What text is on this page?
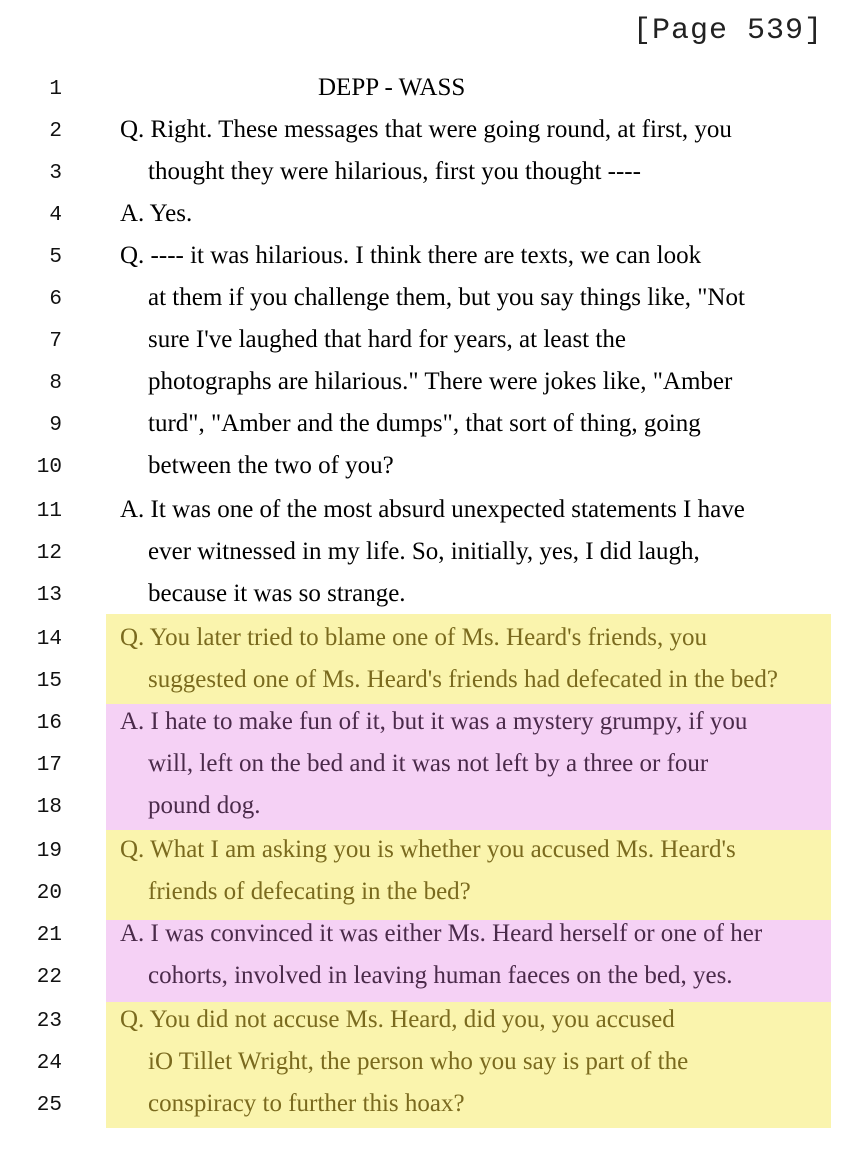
[Page 539]
1	DEPP - WASS
2 Q. Right. These messages that were going round, at first, you
3	thought they were hilarious, first you thought ----
4 A. Yes.
5 Q. ---- it was hilarious. I think there are texts, we can look
6	at them if you challenge them, but you say things like, "Not
7	sure I've laughed that hard for years, at least the
8	photographs are hilarious." There were jokes like, "Amber
9	turd", "Amber and the dumps", that sort of thing, going
10	between the two of you?
11 A. It was one of the most absurd unexpected statements I have
12	ever witnessed in my life. So, initially, yes, I did laugh,
13	because it was so strange.
14 Q. You later tried to blame one of Ms. Heard's friends, you
15	suggested one of Ms. Heard's friends had defecated in the bed?
16 A. I hate to make fun of it, but it was a mystery grumpy, if you
17	will, left on the bed and it was not left by a three or four
18	pound dog.
19 Q. What I am asking you is whether you accused Ms. Heard's
20	friends of defecating in the bed?
21 A. I was convinced it was either Ms. Heard herself or one of her
22	cohorts, involved in leaving human faeces on the bed, yes.
23 Q. You did not accuse Ms. Heard, did you, you accused
24	iO Tillet Wright, the person who you say is part of the
25	conspiracy to further this hoax?
